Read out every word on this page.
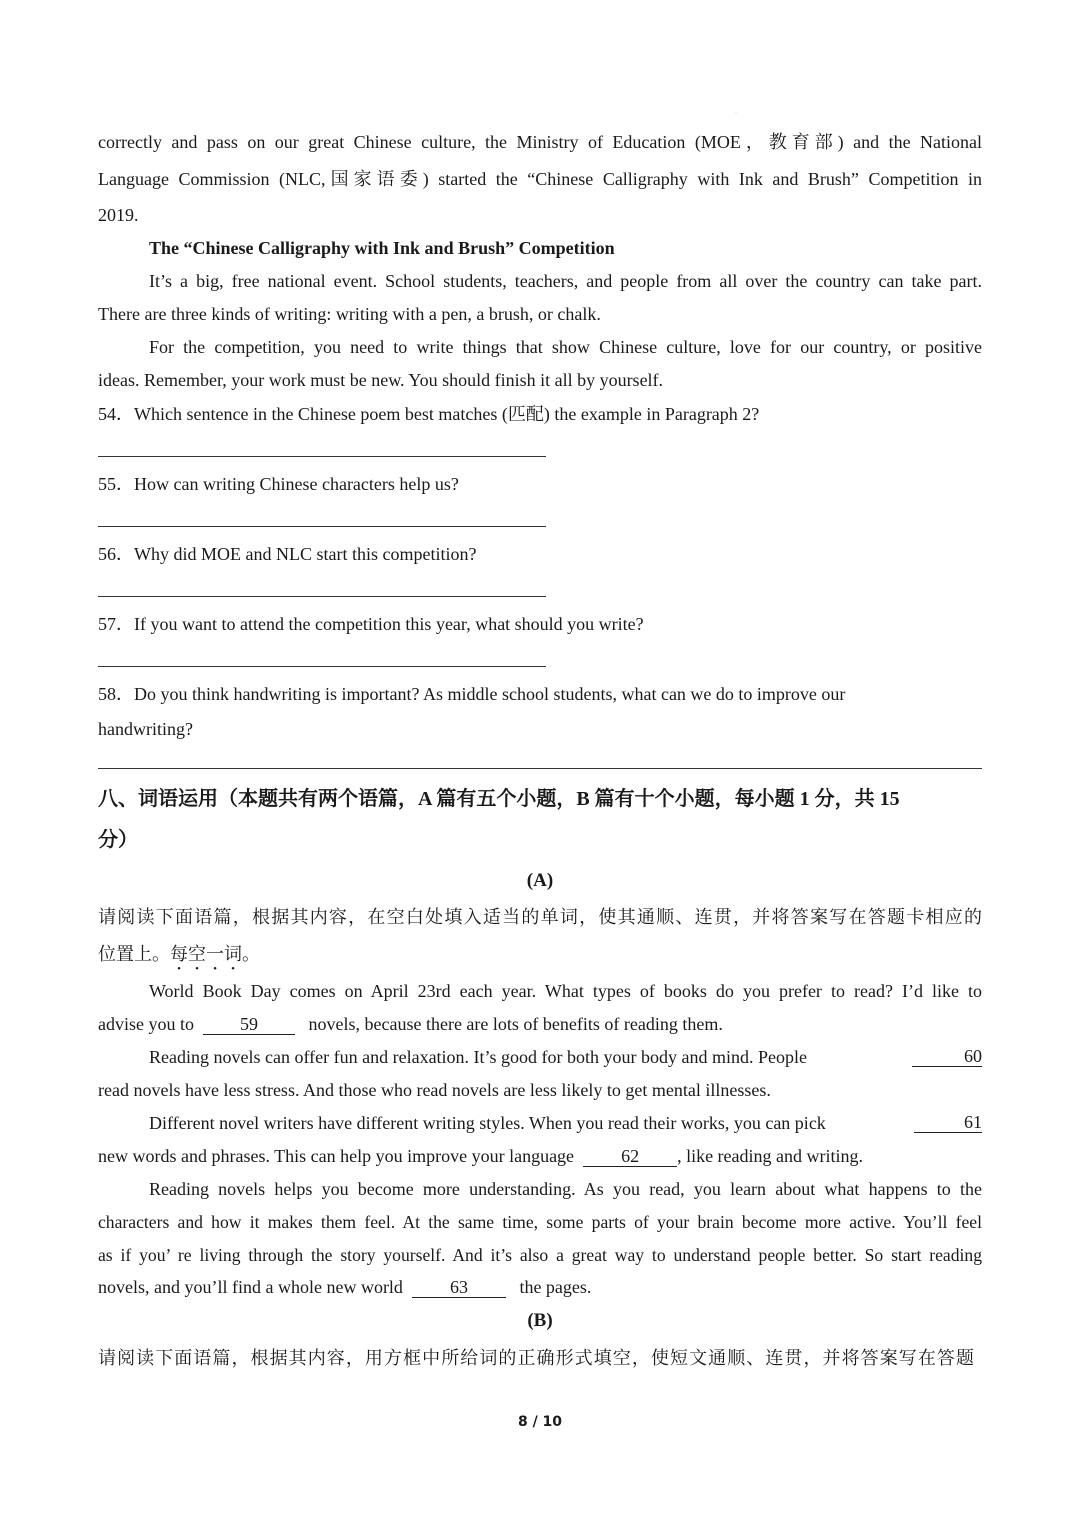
·
correctly and pass on our great Chinese culture, the Ministry of Education (MOE，教育部) and the National
Language Commission (NLC,国家语委) started the “Chinese Calligraphy with Ink and Brush” Competition in
2019.
The “Chinese Calligraphy with Ink and Brush” Competition
It’s a big, free national event. School students, teachers, and people from all over the country can take part.
There are three kinds of writing: writing with a pen, a brush, or chalk.
For the competition, you need to write things that show Chinese culture, love for our country, or positive
ideas. Remember, your work must be new. You should finish it all by yourself.
54．Which sentence in the Chinese poem best matches (匹配) the example in Paragraph 2?
55．How can writing Chinese characters help us?
56．Why did MOE and NLC start this competition?
57．If you want to attend the competition this year, what should you write?
58．Do you think handwriting is important? As middle school students, what can we do to improve our
handwriting?
八、词语运用（本题共有两个语篇，A 篇有五个小题，B 篇有十个小题，每小题 1 分，共 15
分）
(A)
请阅读下面语篇，根据其内容，在空白处填入适当的单词，使其通顺、连贯，并将答案写在答题卡相应的
位置上。每空一词。
World Book Day comes on April 23rd each year. What types of books do you prefer to read? I’d like to
advise you to	59	novels, because there are lots of benefits of reading them.
Reading novels can offer fun and relaxation. It’s good for both your body and mind. People	60
read novels have less stress. And those who read novels are less likely to get mental illnesses.
Different novel writers have different writing styles. When you read their works, you can pick	61
new words and phrases. This can help you improve your language	62 , like reading and writing.
Reading novels helps you become more understanding. As you read, you learn about what happens to the
characters and how it makes them feel. At the same time, some parts of your brain become more active. You’ll feel
as if you’ re living through the story yourself. And it’s also a great way to understand people better. So start reading
novels, and you’ll find a whole new world	63	the pages.
(B)
请阅读下面语篇，根据其内容，用方框中所给词的正确形式填空，使短文通顺、连贯，并将答案写在答题
8 / 10
